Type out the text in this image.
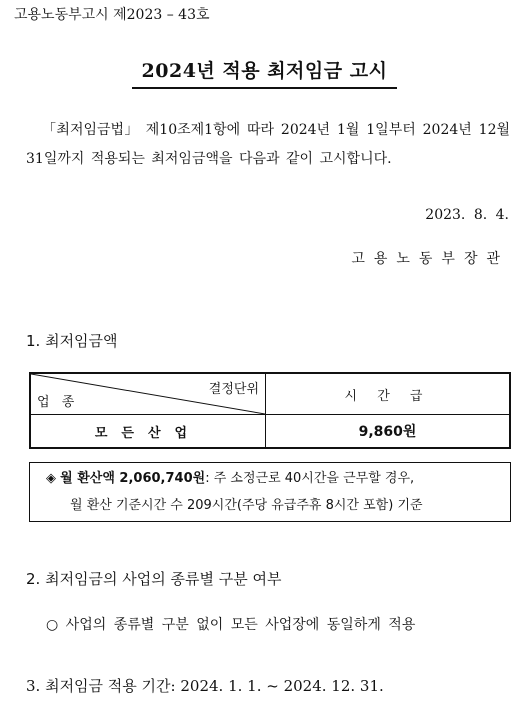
고용노동부고시 제2023 – 43호
2024년 적용 최저임금 고시
「최저임금법」 제10조제1항에 따라 2024년 1월 1일부터 2024년 12월 31일까지 적용되는 최저임금액을 다음과 같이 고시합니다.
2023. 8. 4.
고용노동부장관
1. 최저임금액
결정단위
업 종	시 간 급
모든산업	9,860원
◈ 월 환산액 2,060,740원: 주 소정근로 40시간을 근무할 경우,
월 환산 기준시간 수 209시간(주당 유급주휴 8시간 포함) 기준
2. 최저임금의 사업의 종류별 구분 여부
○ 사업의 종류별 구분 없이 모든 사업장에 동일하게 적용
3. 최저임금 적용 기간: 2024. 1. 1. ~ 2024. 12. 31.
